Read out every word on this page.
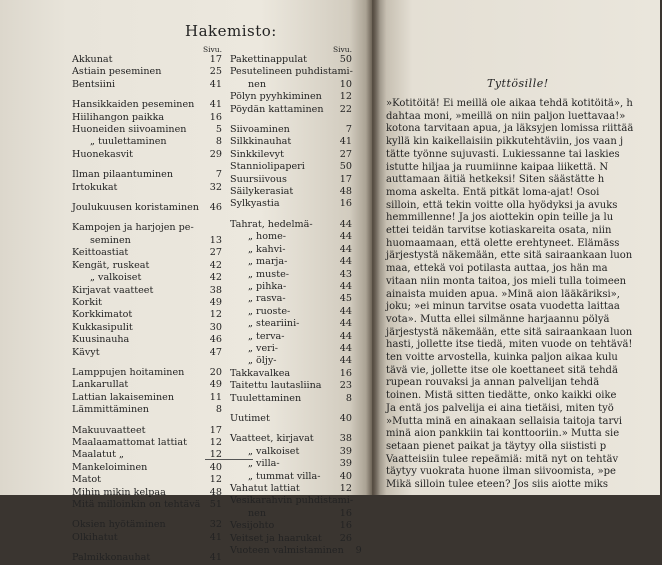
Hakemisto:
Sivu.
Akkunat	17
Astiain peseminen	25
Bentsiini	41
Hansikkaiden peseminen	41
Hiilihangon paikka	16
Huoneiden siivoaminen	5
„ tuulettaminen	8
Huonekasvit	29
Ilman pilaantuminen	7
Irtokukat	32
Joulukuusen koristaminen	46
Kampojen ja harjojen pe-
seminen	13
Keittoastiat	27
Kengät, ruskeat	42
„ valkoiset	42
Kirjavat vaatteet	38
Korkit	49
Korkkimatot	12
Kukkasipulit	30
Kuusinauha	46
Kävyt	47
Lamppujen hoitaminen	20
Lankarullat	49
Lattian lakaiseminen	11
Lämmittäminen	8
Makuuvaatteet	17
Maalaamattomat lattiat	12
Maalatut „	12
Mankeloiminen	40
Matot	12
Mihin mikin kelpaa	48
Mitä milloinkin on tehtävä 51
Oksien hyötäminen	32
Olkihatut	41
Palmikkonauhat	41
Sivu.
Pakettinappulat	50
Pesutelineen puhdistami-
nen	10
Pölyn pyyhkiminen	12
Pöydän kattaminen	22
Siivoaminen	7
Silkkinauhat	41
Sinkkilevyt	27
Stanniolipaperi	50
Suursiivous	17
Säilykerasiat	48
Sylkyastia	16
Tahrat, hedelmä-	44
„ home-	44
„ kahvi-	44
„ marja-	44
„ muste-	43
„ pihka-	44
„ rasva-	45
„ ruoste-	44
„ steariini-	44
„ terva-	44
„ veri-	44
„ öljy-	44
Takkavalkea	16
Taitettu lautasliina	23
Tuulettaminen	8
Uutimet	40
Vaatteet, kirjavat	38
„ valkoiset	39
„ villa-	39
„ tummat villa-	40
Vahatut lattiat	12
Vesikarahvin puhdistami-
nen	16
Vesijohto	16
Veitset ja haarukat	26
Vuoteen valmistaminen	9
Tyttösille!
»Kotitöitä! Ei meillä ole aikaa tehdä kotitöitä», h
dahtaa moni, »meillä on niin paljon luettavaa!»
kotona tarvitaan apua, ja läksyjen lomissa riittää
kyllä kin kaikellaisiin pikkutehtäviin, jos vaan j
tätte työnne sujuvasti. Lukiessanne tai laskies
istutte hiljaa ja ruumiinne kaipaa liikettä. N
auttamaan äitiä hetkeksi! Siten säästätte h
moma askelta. Entä pitkät loma-ajat! Osoi
silloin, että tekin voitte olla hyödyksi ja avuks
hemmillenne! Ja jos aiottekin opin teille ja lu
ettei teidän tarvitse kotiaskareita osata, niin
huomaamaan, että olette erehtyneet. Elämäss
järjestystä näkemään, ette sitä sairaankaan luon
maa, ettekä voi potilasta auttaa, jos hän ma
vitaan niin monta taitoa, jos mieli tulla toimeen
ainaista muiden apua. »Minä aion lääkäriksi»,
joku; »ei minun tarvitse osata vuodetta laittaa
vota». Mutta ellei silmänne harjaannu pölyä
järjestystä näkemään, ette sitä sairaankaan luon
hasti, jollette itse tiedä, miten vuode on tehtävä!
ten voitte arvostella, kuinka paljon aikaa kulu
tävä vie, jollette itse ole koettaneet sitä tehdä
rupean rouvaksi ja annan palvelijan tehdä
toinen. Mistä sitten tiedätte, onko kaikki oike
Ja entä jos palvelija ei aina tietäisi, miten työ
»Mutta minä en ainakaan sellaisia taitoja tarvi
minä aion pankkiin tai konttooriin.» Mutta sie
setaan pienet paikat ja täytyy olla siististi p
Vaatteisiin tulee repeämiä: mitä nyt on tehtäv
täytyy vuokrata huone ilman siivoomista, »pe
Mikä silloin tulee eteen? Jos siis aiotte miks
